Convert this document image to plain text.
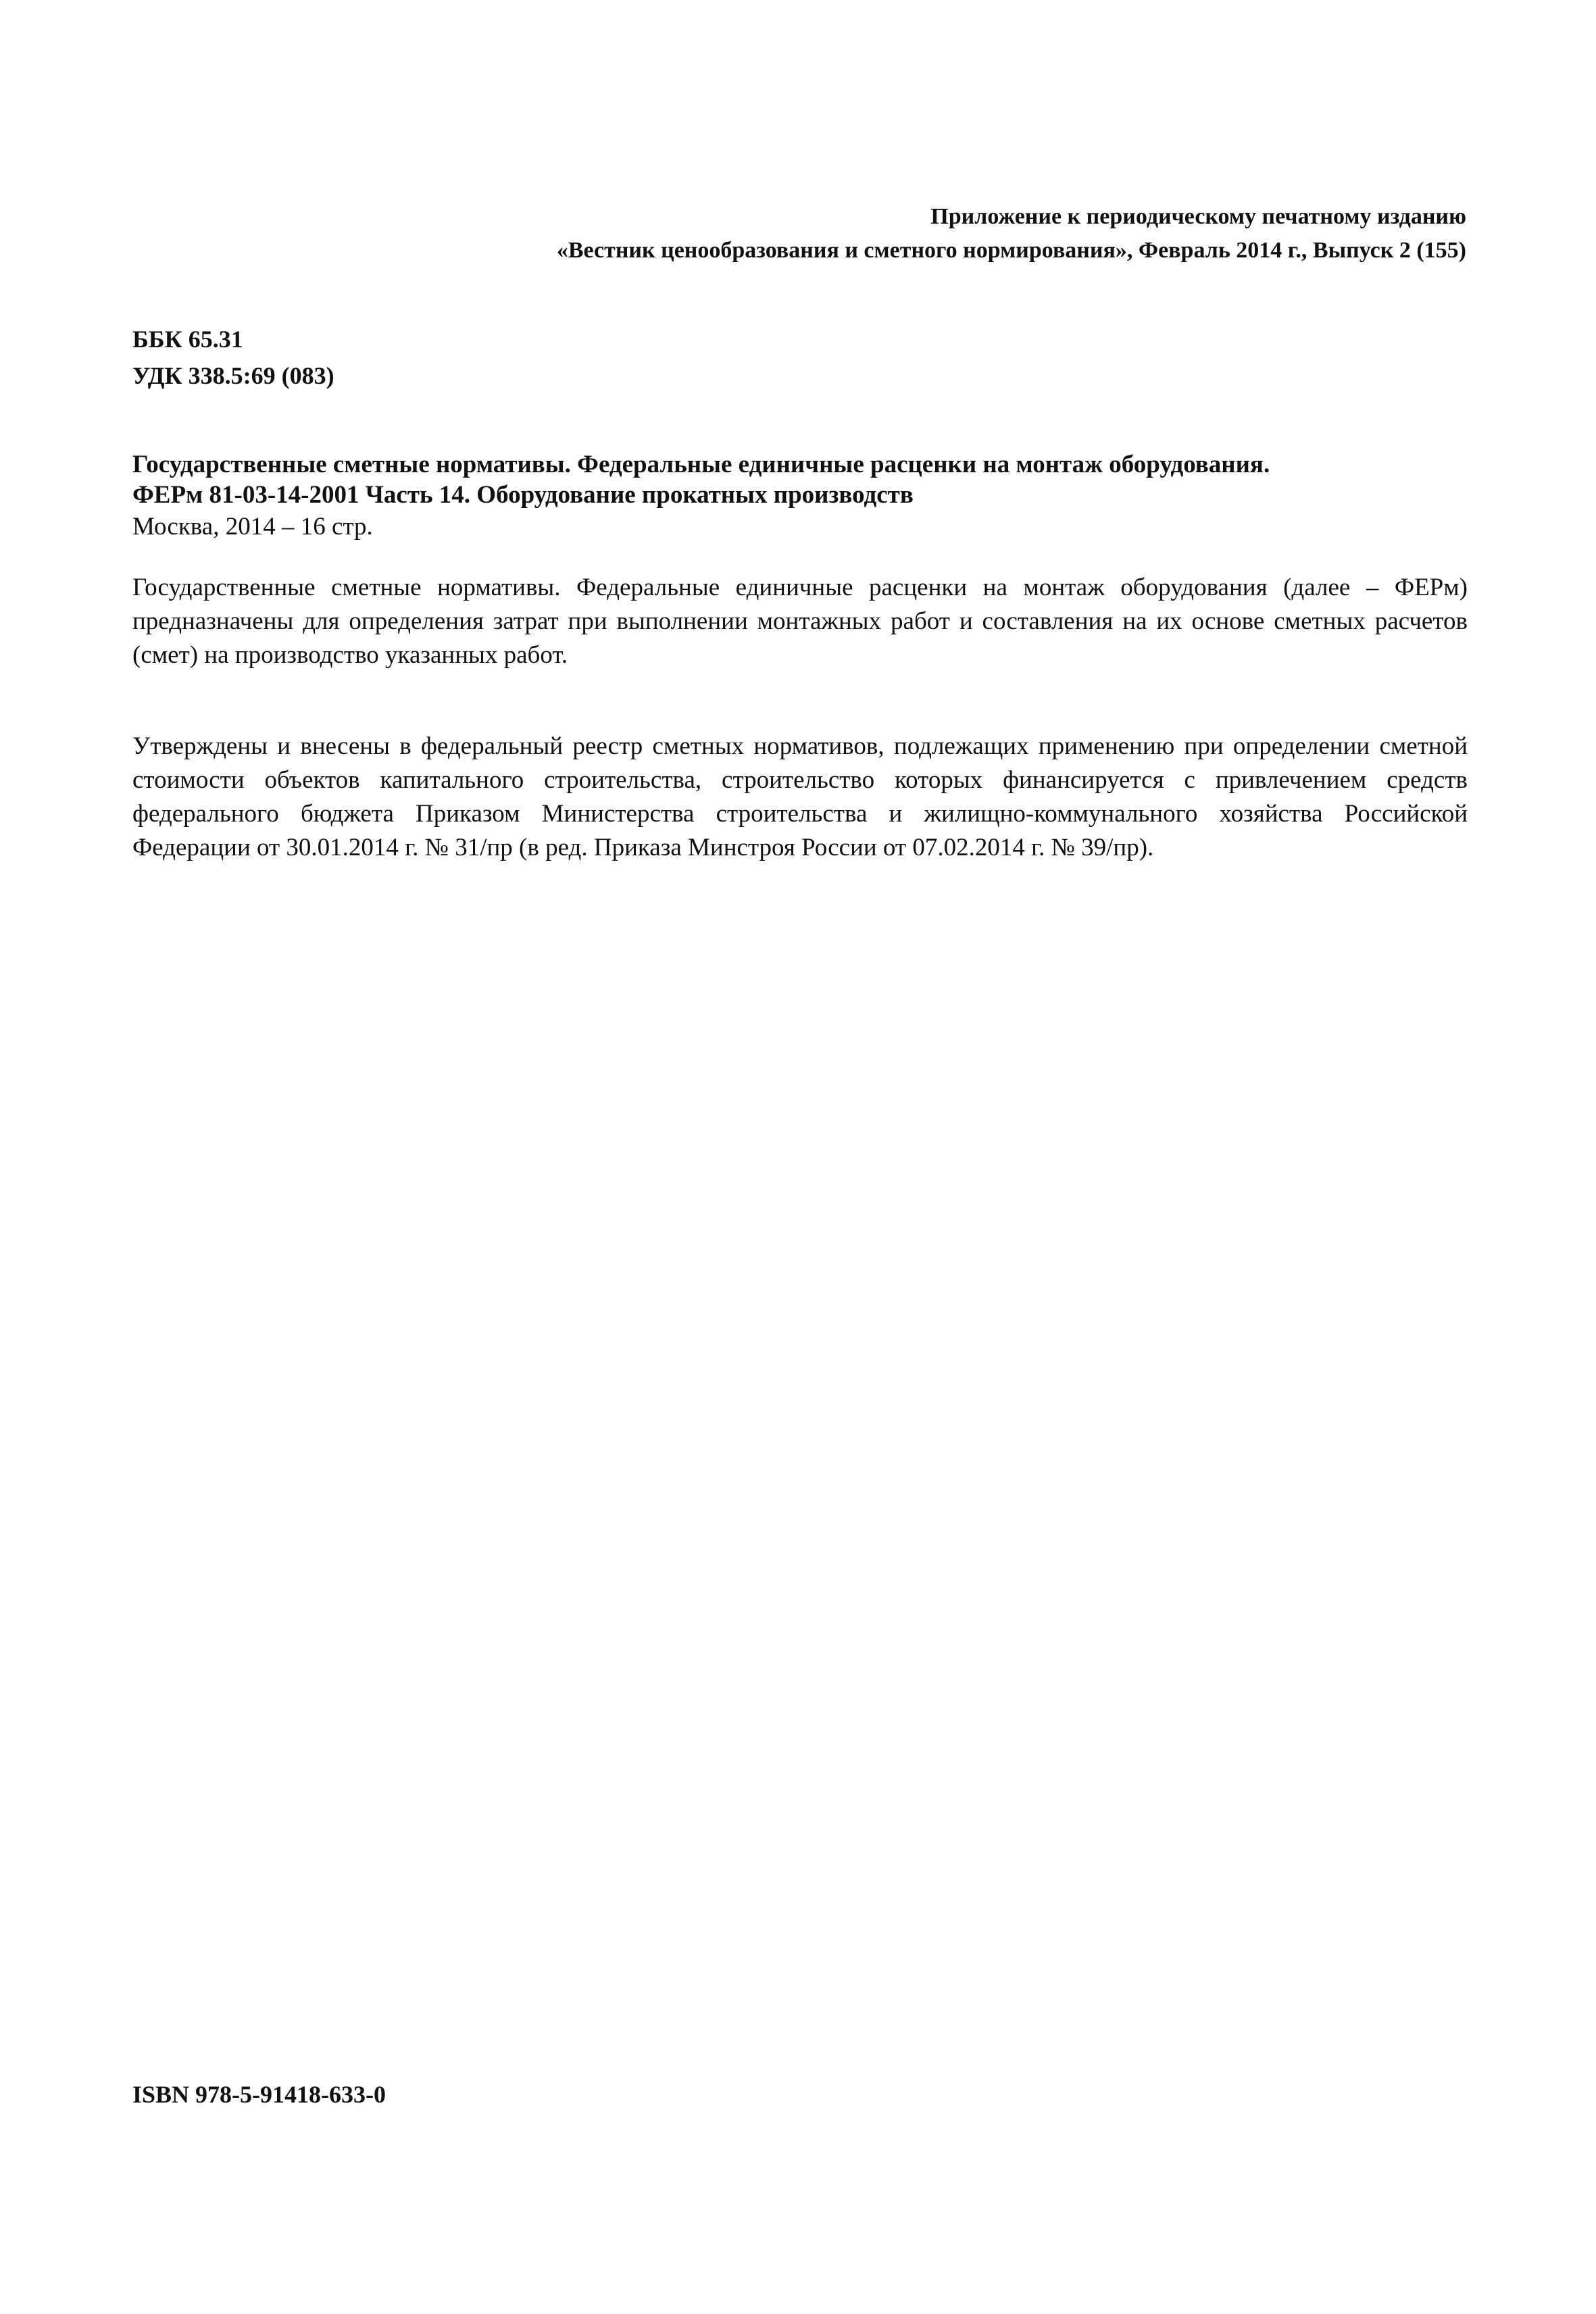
Приложение к периодическому печатному изданию
«Вестник ценообразования и сметного нормирования», Февраль 2014 г., Выпуск 2 (155)
ББК 65.31
УДК 338.5:69 (083)
Государственные сметные нормативы. Федеральные единичные расценки на монтаж оборудования.
ФЕРм 81-03-14-2001 Часть 14. Оборудование прокатных производств
Москва, 2014 – 16 стр.
Государственные сметные нормативы. Федеральные единичные расценки на монтаж оборудования (далее – ФЕРм) предназначены для определения затрат при выполнении монтажных работ и составления на их основе сметных расчетов (смет) на производство указанных работ.
Утверждены и внесены в федеральный реестр сметных нормативов, подлежащих применению при определении сметной стоимости объектов капитального строительства, строительство которых финансируется с привлечением средств федерального бюджета Приказом Министерства строительства и жилищно-коммунального хозяйства Российской Федерации от 30.01.2014 г. № 31/пр (в ред. Приказа Минстроя России от 07.02.2014 г. № 39/пр).
ISBN 978-5-91418-633-0
